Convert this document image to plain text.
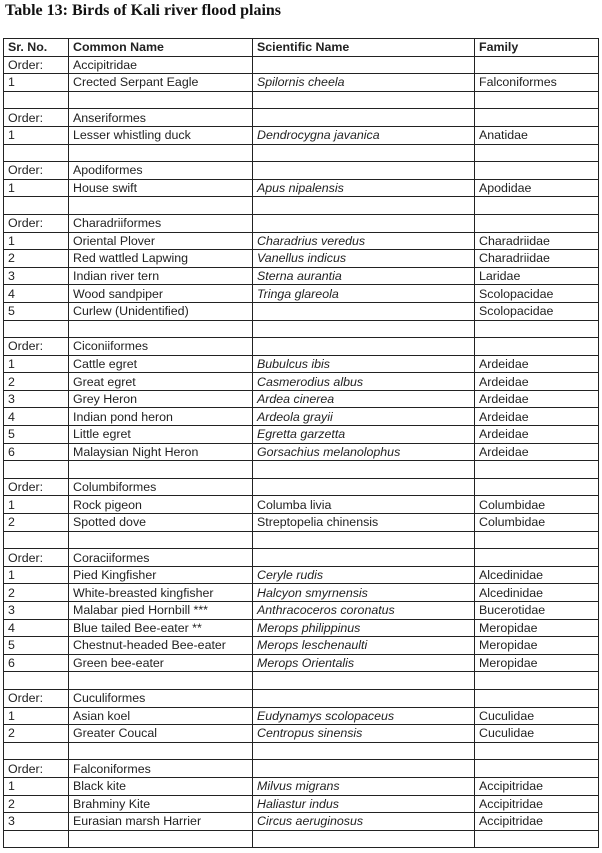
Table 13: Birds of Kali river flood plains
Sr. No.	Common Name	Scientific Name	Family
Order:	Accipitridae		
1	Crected Serpant Eagle	Spilornis cheela	Falconiformes

Order:	Anseriformes		
1	Lesser whistling duck	Dendrocygna javanica	Anatidae

Order:	Apodiformes		
1	House swift	Apus nipalensis	Apodidae

Order:	Charadriiformes		
1	Oriental Plover	Charadrius veredus	Charadriidae
2	Red wattled Lapwing	Vanellus indicus	Charadriidae
3	Indian river tern	Sterna aurantia	Laridae
4	Wood sandpiper	Tringa glareola	Scolopacidae
5	Curlew (Unidentified)		Scolopacidae

Order:	Ciconiiformes		
1	Cattle egret	Bubulcus ibis	Ardeidae
2	Great egret	Casmerodius albus	Ardeidae
3	Grey Heron	Ardea cinerea	Ardeidae
4	Indian pond heron	Ardeola grayii	Ardeidae
5	Little egret	Egretta garzetta	Ardeidae
6	Malaysian Night Heron	Gorsachius melanolophus	Ardeidae

Order:	Columbiformes		
1	Rock pigeon	Columba livia	Columbidae
2	Spotted dove	Streptopelia chinensis	Columbidae

Order:	Coraciiformes		
1	Pied Kingfisher	Ceryle rudis	Alcedinidae
2	White-breasted kingfisher	Halcyon smyrnensis	Alcedinidae
3	Malabar pied Hornbill ***	Anthracoceros coronatus	Bucerotidae
4	Blue tailed Bee-eater **	Merops philippinus	Meropidae
5	Chestnut-headed Bee-eater	Merops leschenaulti	Meropidae
6	Green bee-eater	Merops Orientalis	Meropidae

Order:	Cuculiformes		
1	Asian koel	Eudynamys scolopaceus	Cuculidae
2	Greater Coucal	Centropus sinensis	Cuculidae

Order:	Falconiformes		
1	Black kite	Milvus migrans	Accipitridae
2	Brahminy Kite	Haliastur indus	Accipitridae
3	Eurasian marsh Harrier	Circus aeruginosus	Accipitridae
